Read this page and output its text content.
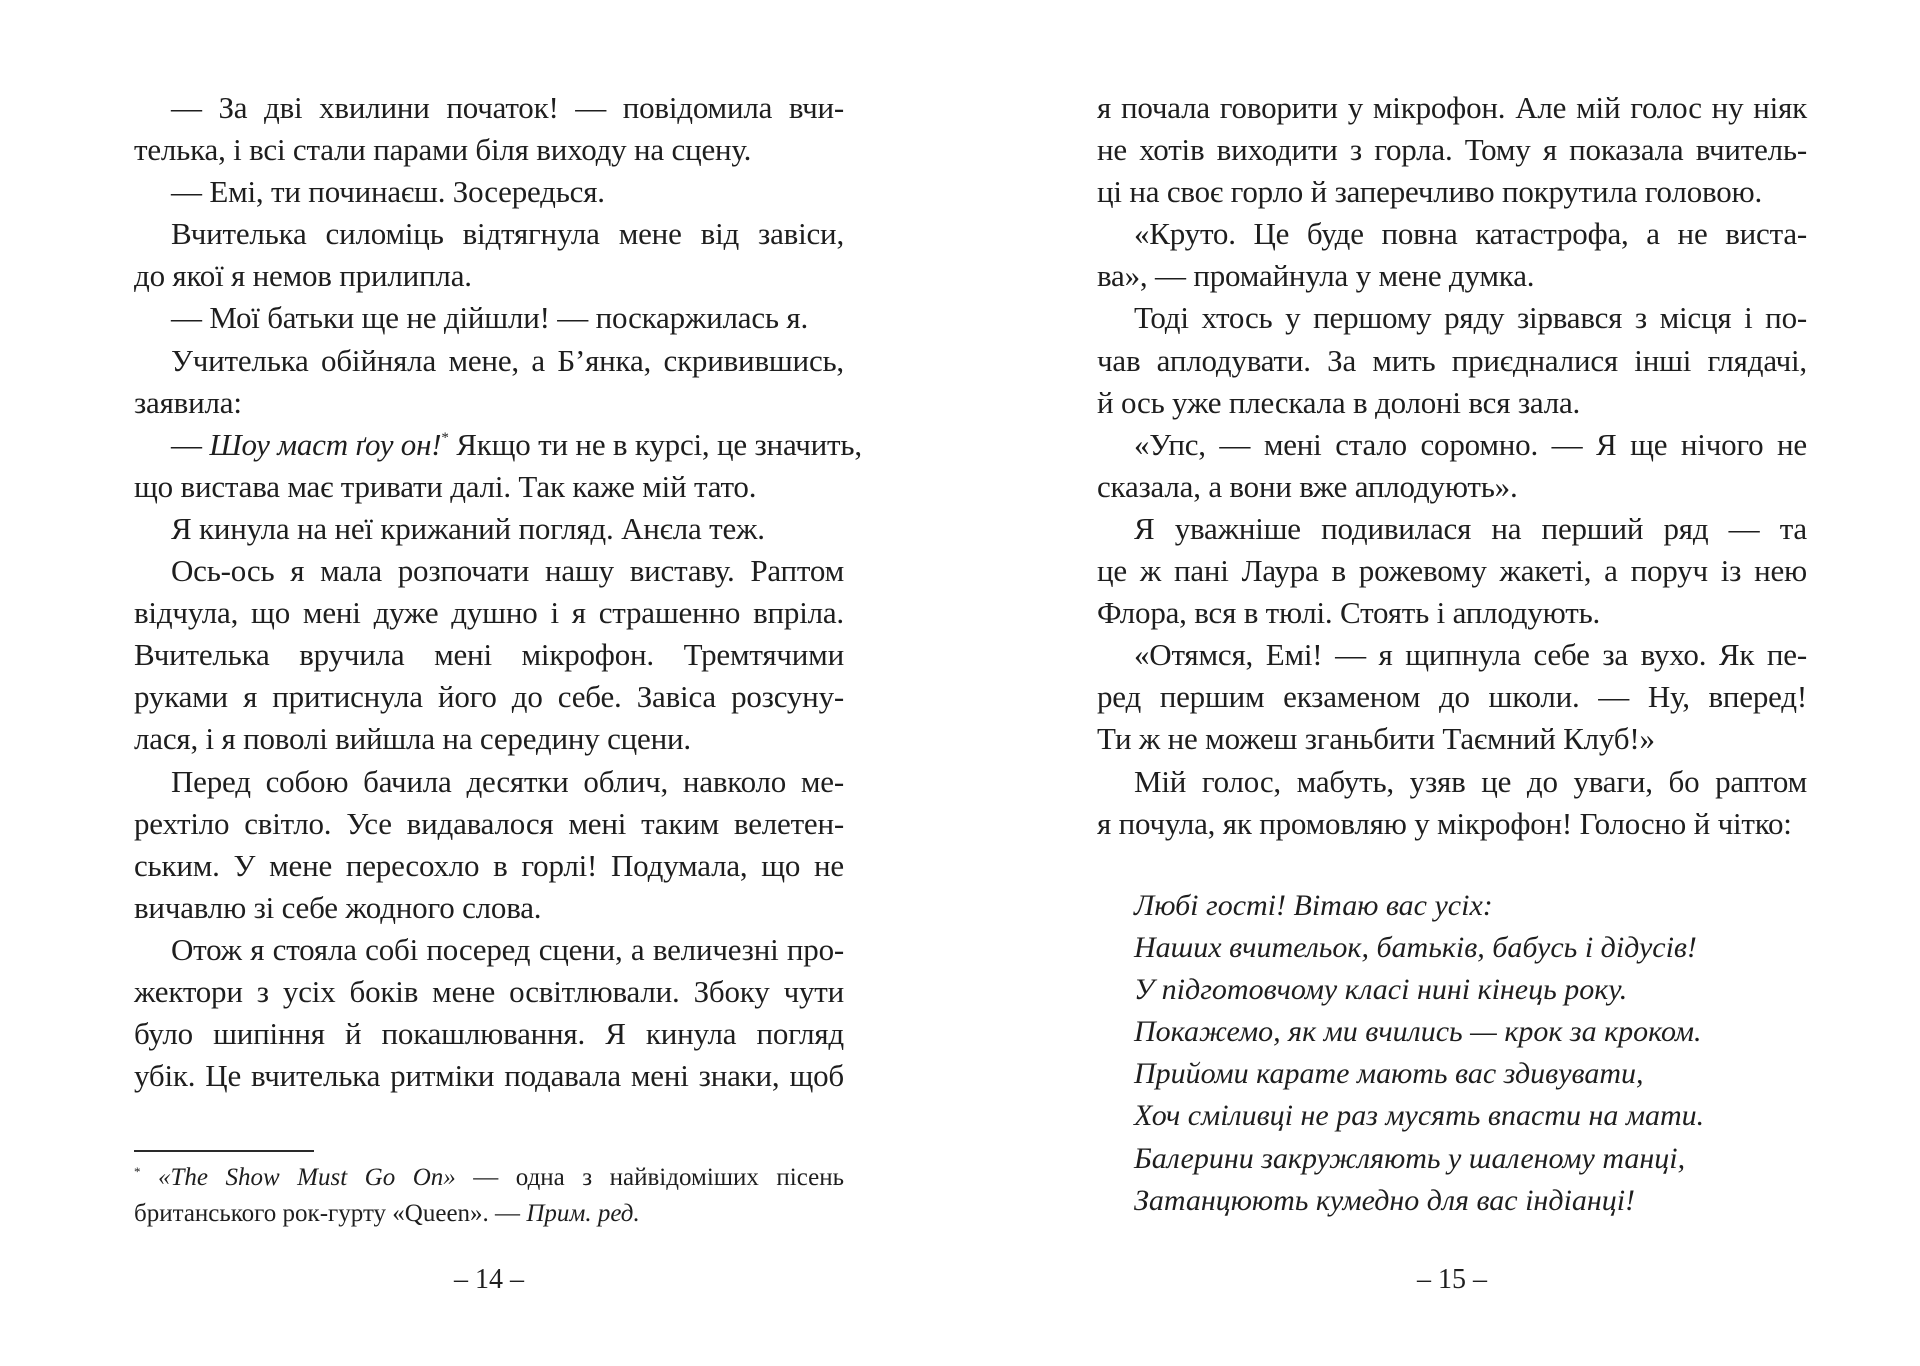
— За дві хвилини початок! — повідомила вчи-
телька, і всі стали парами біля виходу на сцену.
— Емі, ти починаєш. Зосередься.
Вчителька силоміць відтягнула мене від завіси,
до якої я немов прилипла.
— Мої батьки ще не дійшли! — поскаржилась я.
Учителька обійняла мене, а Б’янка, скривившись,
заявила:
— Шоу маст ґоу он!* Якщо ти не в курсі, це значить,
що вистава має тривати далі. Так каже мій тато.
Я кинула на неї крижаний погляд. Анєла теж.
Ось-ось я мала розпочати нашу виставу. Раптом
відчула, що мені дуже душно і я страшенно впріла.
Вчителька вручила мені мікрофон. Тремтячими
руками я притиснула його до себе. Завіса розсуну-
лася, і я поволі вийшла на середину сцени.
Перед собою бачила десятки облич, навколо ме-
рехтіло світло. Усе видавалося мені таким велетен-
ським. У мене пересохло в горлі! Подумала, що не
вичавлю зі себе жодного слова.
Отож я стояла собі посеред сцени, а величезні про-
жектори з усіх боків мене освітлювали. Збоку чути
було шипіння й покашлювання. Я кинула погляд
убік. Це вчителька ритміки подавала мені знаки, щоб
* «The Show Must Go On» — одна з найвідоміших пісень
британського рок-гурту «Queen». — Прим. ред.
– 14 –
я почала говорити у мікрофон. Але мій голос ну ніяк
не хотів виходити з горла. Тому я показала вчитель-
ці на своє горло й заперечливо покрутила головою.
«Круто. Це буде повна катастрофа, а не виста-
ва», — промайнула у мене думка.
Тоді хтось у першому ряду зірвався з місця і по-
чав аплодувати. За мить приєдналися інші глядачі,
й ось уже плескала в долоні вся зала.
«Упс, — мені стало соромно. — Я ще нічого не
сказала, а вони вже аплодують».
Я уважніше подивилася на перший ряд — та
це ж пані Лаура в рожевому жакеті, а поруч із нею
Флора, вся в тюлі. Стоять і аплодують.
«Отямся, Емі! — я щипнула себе за вухо. Як пе-
ред першим екзаменом до школи. — Ну, вперед!
Ти ж не можеш зганьбити Таємний Клуб!»
Мій голос, мабуть, узяв це до уваги, бо раптом
я почула, як промовляю у мікрофон! Голосно й чітко:
Любі гості! Вітаю вас усіх:
Наших вчительок, батьків, бабусь і дідусів!
У підготовчому класі нині кінець року.
Покажемо, як ми вчились — крок за кроком.
Прийоми карате мають вас здивувати,
Хоч сміливці не раз мусять впасти на мати.
Балерини закружляють у шаленому танці,
Затанцюють кумедно для вас індіанці!
– 15 –
